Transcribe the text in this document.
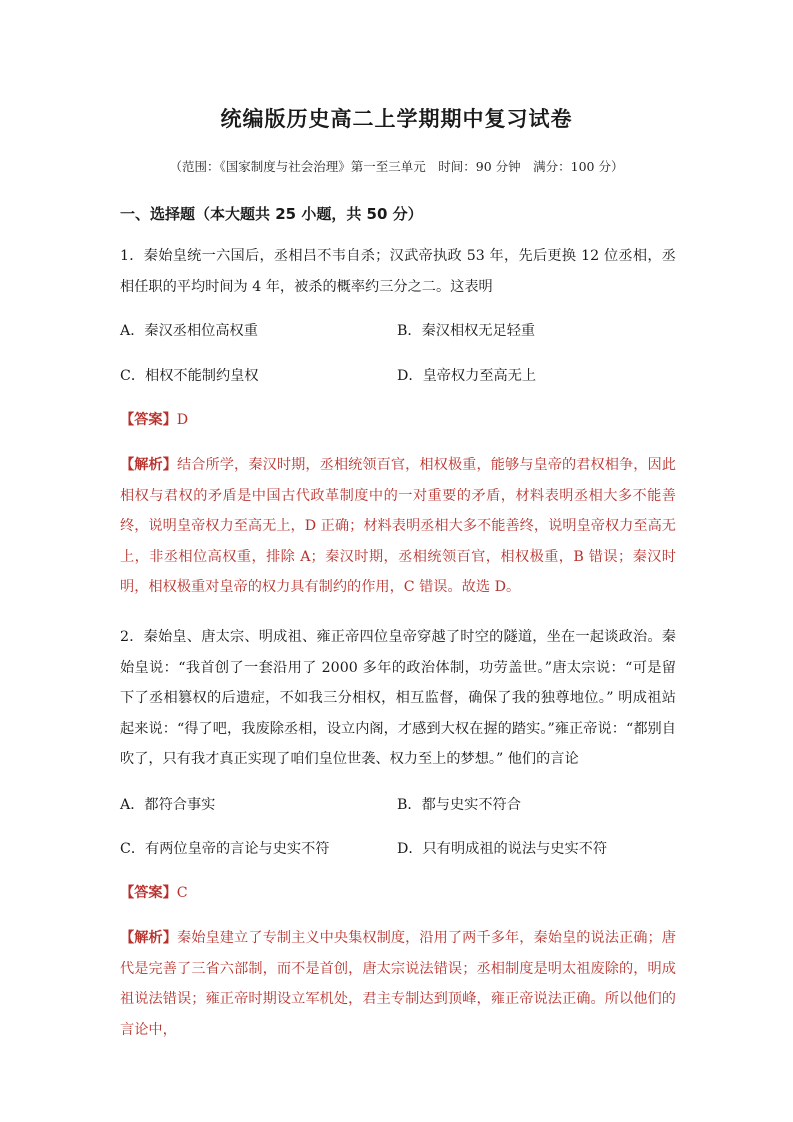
统编版历史高二上学期期中复习试卷
（范围：《国家制度与社会治理》第一至三单元　时间：90 分钟　满分：100 分）
一、选择题（本大题共 25 小题，共 50 分）
1．秦始皇统一六国后，丞相吕不韦自杀；汉武帝执政 53 年，先后更换 12 位丞相，丞相任职的平均时间为 4 年，被杀的概率约三分之二。这表明
A．秦汉丞相位高权重	B．秦汉相权无足轻重
C．相权不能制约皇权	D．皇帝权力至高无上
【答案】D
【解析】结合所学，秦汉时期，丞相统领百官，相权极重，能够与皇帝的君权相争，因此相权与君权的矛盾是中国古代政革制度中的一对重要的矛盾，材料表明丞相大多不能善终，说明皇帝权力至高无上，D 正确；材料表明丞相大多不能善终，说明皇帝权力至高无上，非丞相位高权重，排除 A；秦汉时期，丞相统领百官，相权极重，B 错误；秦汉时明，相权极重对皇帝的权力具有制约的作用，C 错误。故选 D。
2．秦始皇、唐太宗、明成祖、雍正帝四位皇帝穿越了时空的隧道，坐在一起谈政治。秦始皇说：“我首创了一套沿用了 2000 多年的政治体制，功劳盖世。”唐太宗说：“可是留下了丞相篡权的后遗症，不如我三分相权，相互监督，确保了我的独尊地位。” 明成祖站起来说：“得了吧，我废除丞相，设立内阁，才感到大权在握的踏实。”雍正帝说：“都别自吹了，只有我才真正实现了咱们皇位世袭、权力至上的梦想。” 他们的言论
A．都符合事实	B．都与史实不符合
C．有两位皇帝的言论与史实不符	D．只有明成祖的说法与史实不符
【答案】C
【解析】秦始皇建立了专制主义中央集权制度，沿用了两千多年，秦始皇的说法正确；唐代是完善了三省六部制，而不是首创，唐太宗说法错误；丞相制度是明太祖废除的，明成祖说法错误；雍正帝时期设立军机处，君主专制达到顶峰，雍正帝说法正确。所以他们的言论中，
